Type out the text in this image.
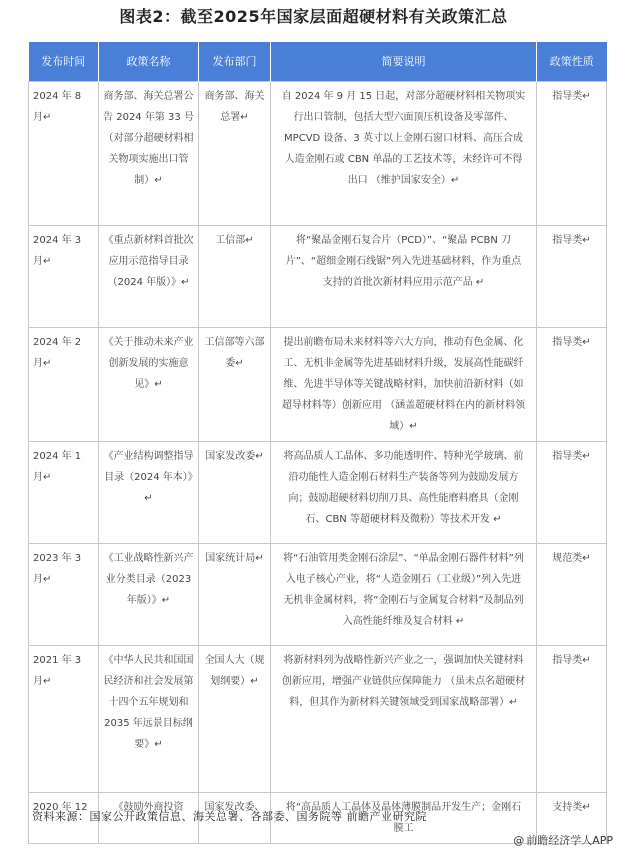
图表2：截至2025年国家层面超硬材料有关政策汇总
发布时间	政策名称	发布部门	简要说明	政策性质
2024 年 8 月↵	商务部、海关总署公告 2024 年第 33 号（对部分超硬材料相关物项实施出口管制）↵	商务部、海关总署↵	自 2024 年 9 月 15 日起，对部分超硬材料相关物项实行出口管制，包括大型六面顶压机设备及零部件、MPCVD 设备、3 英寸以上金刚石窗口材料、高压合成人造金刚石或 CBN 单晶的工艺技术等，未经许可不得出口 （维护国家安全）↵	指导类↵
2024 年 3 月↵	《重点新材料首批次应用示范指导目录（2024 年版）》↵	工信部↵	将“聚晶金刚石复合片（PCD）”、“聚晶 PCBN 刀片”、“超细金刚石线锯”列入先进基础材料，作为重点支持的首批次新材料应用示范产品 ↵	指导类↵
2024 年 2 月↵	《关于推动未来产业创新发展的实施意见》↵	工信部等六部委↵	提出前瞻布局未来材料等六大方向，推动有色金属、化工、无机非金属等先进基础材料升级，发展高性能碳纤维、先进半导体等关键战略材料，加快前沿新材料（如超导材料等）创新应用 （涵盖超硬材料在内的新材料领域）↵	指导类↵
2024 年 1 月↵	《产业结构调整指导目录（2024 年本）》↵	国家发改委↵	将高品质人工晶体、多功能透明件、特种光学玻璃、前沿功能性人造金刚石材料生产装备等列为鼓励发展方向；鼓励超硬材料切削刀具、高性能磨料磨具（金刚石、CBN 等超硬材料及微粉）等技术开发 ↵	指导类↵
2023 年 3 月↵	《工业战略性新兴产业分类目录（2023 年版）》↵	国家统计局↵	将“石油管用类金刚石涂层”、“单晶金刚石器件材料”列入电子核心产业，将“人造金刚石（工业级）”列入先进无机非金属材料，将“金刚石与金属复合材料”及制品列入高性能纤维及复合材料 ↵	规范类↵
2021 年 3 月↵	《中华人民共和国国民经济和社会发展第十四个五年规划和 2035 年远景目标纲要》↵	全国人大（规划纲要）↵	将新材料列为战略性新兴产业之一，强调加快关键材料创新应用，增强产业链供应保障能力 （虽未点名超硬材料，但其作为新材料关键领域受到国家战略部署）↵	指导类↵
2020 年 12	《鼓励外商投资	国家发改委、	将“高品质人工晶体及晶体薄膜制品开发生产；金刚石膜工	支持类↵
资料来源：国家公开政策信息、海关总署、各部委、国务院等 前瞻产业研究院
@ 前瞻经济学人APP
